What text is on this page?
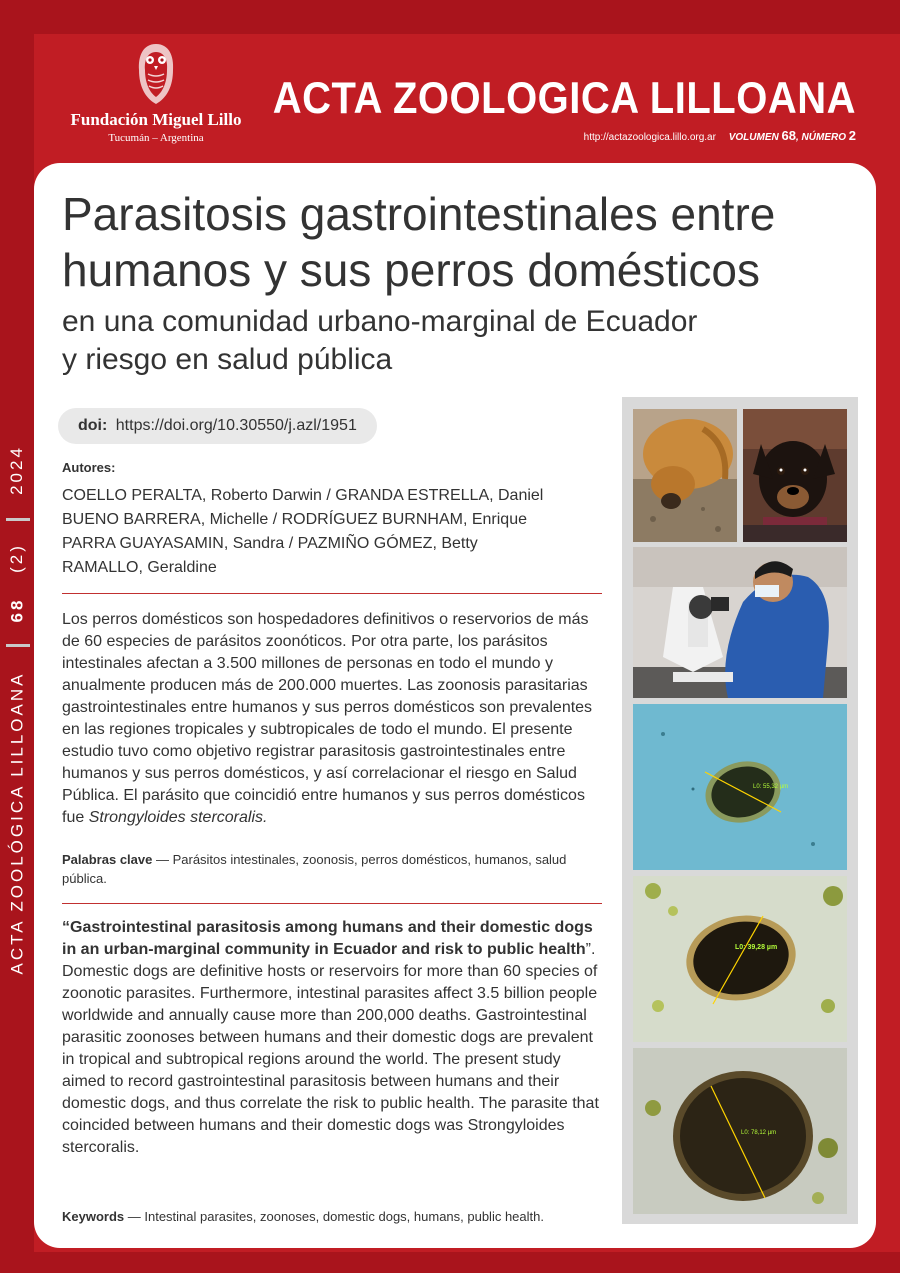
ACTA ZOOLÓGICA LILLOANA
68
(2)
2024
Fundación Miguel Lillo
Tucumán – Argentina
ACTA ZOOLOGICA LILLOANA
http://actazoologica.lillo.org.ar VOLUMEN 68, NÚMERO 2
Parasitosis gastrointestinales entre
humanos y sus perros domésticos
en una comunidad urbano-marginal de Ecuador
y riesgo en salud pública
doi: https://doi.org/10.30550/j.azl/1951
Autores:
COELLO PERALTA, Roberto Darwin / GRANDA ESTRELLA, Daniel
BUENO BARRERA, Michelle / RODRÍGUEZ BURNHAM, Enrique
PARRA GUAYASAMIN, Sandra / PAZMIÑO GÓMEZ, Betty
RAMALLO, Geraldine
Los perros domésticos son hospedadores definitivos o reservorios de más de 60 especies de parásitos zoonóticos. Por otra parte, los parásitos intestinales afectan a 3.500 millones de personas en todo el mundo y anualmente producen más de 200.000 muertes. Las zoonosis parasitarias gastrointestinales entre humanos y sus perros domésticos son prevalentes en las regiones tropicales y subtropicales de todo el mundo. El presente estudio tuvo como objetivo registrar parasitosis gastrointestinales entre humanos y sus perros domésticos, y así correlacionar el riesgo en Salud Pública. El parásito que coincidió entre humanos y sus perros domésticos fue Strongyloides stercoralis.
Palabras clave — Parásitos intestinales, zoonosis, perros domésticos, humanos, salud pública.
“Gastrointestinal parasitosis among humans and their domestic dogs in an urban-marginal community in Ecuador and risk to public health”. Domestic dogs are definitive hosts or reservoirs for more than 60 species of zoonotic parasites. Furthermore, intestinal parasites affect 3.5 billion people worldwide and annually cause more than 200,000 deaths. Gastrointestinal parasitic zoonoses between humans and their domestic dogs are prevalent in tropical and subtropical regions around the world. The present study aimed to record gastrointestinal parasitosis between humans and their domestic dogs, and thus correlate the risk to public health. The parasite that coincided between humans and their domestic dogs was Strongyloides stercoralis.
Keywords — Intestinal parasites, zoonoses, domestic dogs, humans, public health.
L0: 55,32 µm
L0: 39,28 µm
L0: 78,12 µm
